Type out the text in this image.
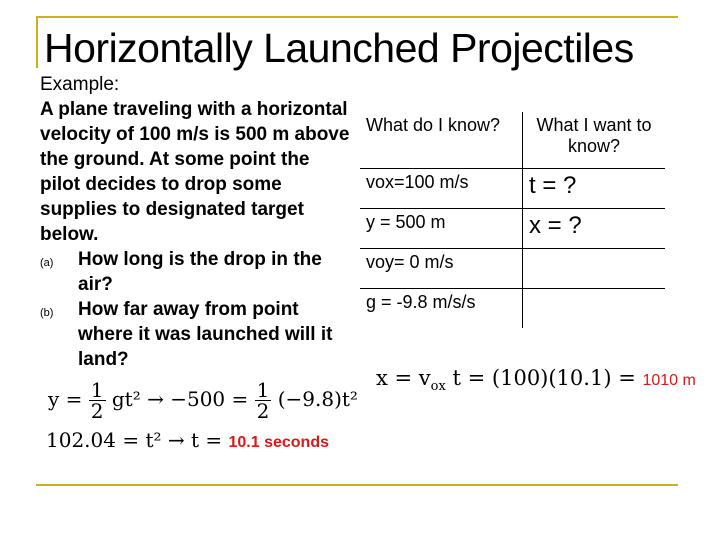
Horizontally Launched Projectiles
Example:
A plane traveling with a horizontal velocity of 100 m/s is 500 m above the ground. At some point the pilot decides to drop some supplies to designated target below.
(a) How long is the drop in the air?
(b) How far away from point where it was launched will it land?
What do I know?	What I want to know?
vox=100 m/s	t = ?
y = 500 m	x = ?
voy= 0 m/s	
g = -9.8 m/s/s	
$y = \frac{1}{2} gt^2 \to -500 = \frac{1}{2} (-9.8)t^2$
102.04 = t² → t = 10.1 seconds
$x = v_{ox}$ t = (100)(10.1) = 1010 m
